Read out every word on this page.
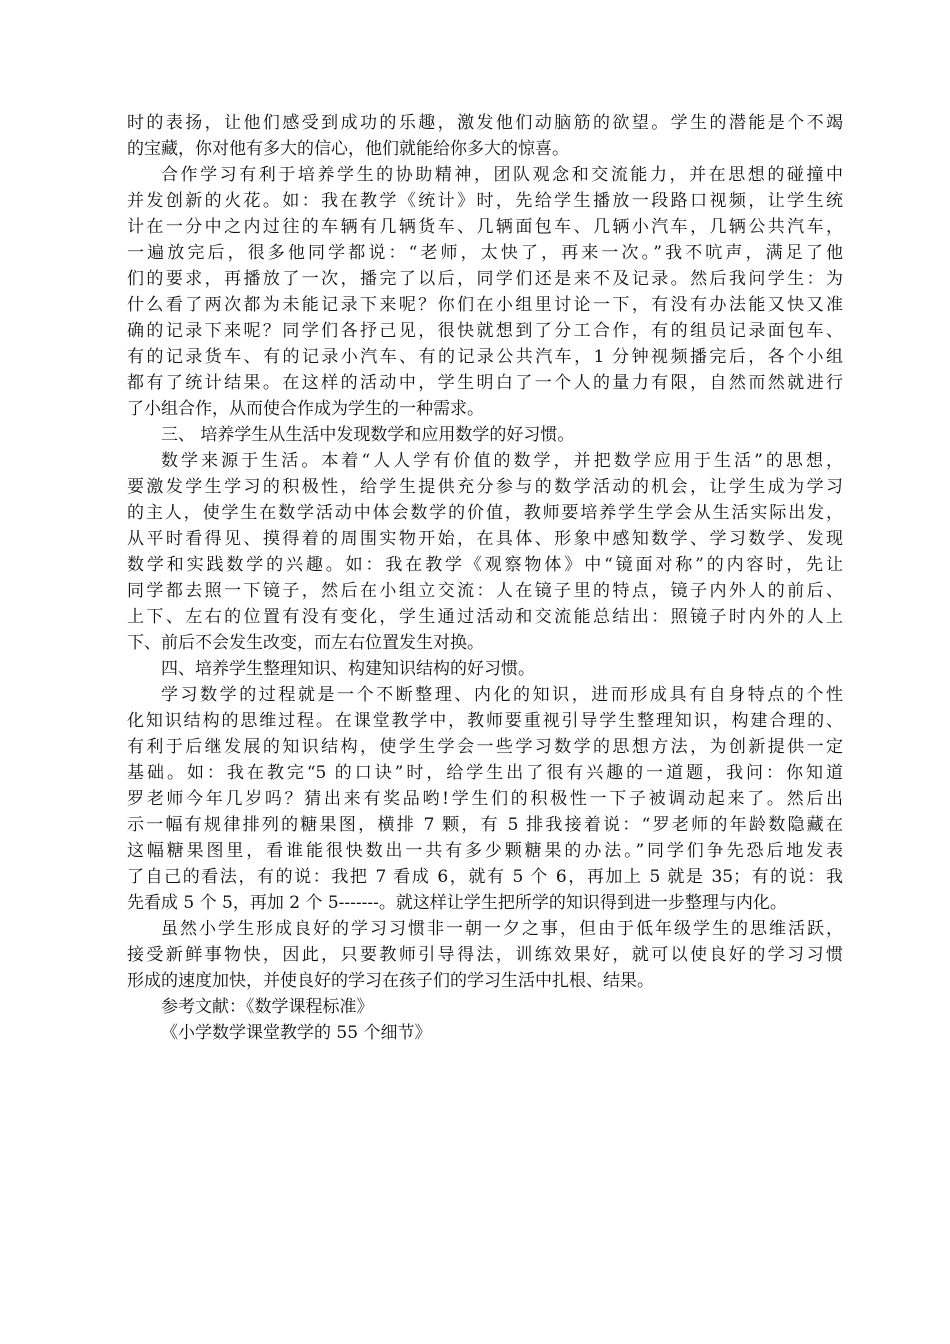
时的表扬，让他们感受到成功的乐趣，激发他们动脑筋的欲望。学生的潜能是个不竭
的宝藏，你对他有多大的信心，他们就能给你多大的惊喜。
合作学习有利于培养学生的协助精神，团队观念和交流能力，并在思想的碰撞中
并发创新的火花。如：我在教学《统计》时，先给学生播放一段路口视频，让学生统
计在一分中之内过往的车辆有几辆货车、几辆面包车、几辆小汽车，几辆公共汽车，
一遍放完后，很多他同学都说：“老师，太快了，再来一次。”我不吭声，满足了他
们的要求，再播放了一次，播完了以后，同学们还是来不及记录。然后我问学生：为
什么看了两次都为未能记录下来呢？你们在小组里讨论一下，有没有办法能又快又准
确的记录下来呢？同学们各抒己见，很快就想到了分工合作，有的组员记录面包车、
有的记录货车、有的记录小汽车、有的记录公共汽车，1 分钟视频播完后，各个小组
都有了统计结果。在这样的活动中，学生明白了一个人的量力有限，自然而然就进行
了小组合作，从而使合作成为学生的一种需求。
三、 培养学生从生活中发现数学和应用数学的好习惯。
数学来源于生活。本着“人人学有价值的数学，并把数学应用于生活”的思想，
要激发学生学习的积极性，给学生提供充分参与的数学活动的机会，让学生成为学习
的主人，使学生在数学活动中体会数学的价值，教师要培养学生学会从生活实际出发，
从平时看得见、摸得着的周围实物开始，在具体、形象中感知数学、学习数学、发现
数学和实践数学的兴趣。如：我在教学《观察物体》中“镜面对称”的内容时，先让
同学都去照一下镜子，然后在小组立交流：人在镜子里的特点，镜子内外人的前后、
上下、左右的位置有没有变化，学生通过活动和交流能总结出：照镜子时内外的人上
下、前后不会发生改变，而左右位置发生对换。
四、培养学生整理知识、构建知识结构的好习惯。
学习数学的过程就是一个不断整理、内化的知识，进而形成具有自身特点的个性
化知识结构的思维过程。在课堂教学中，教师要重视引导学生整理知识，构建合理的、
有利于后继发展的知识结构，使学生学会一些学习数学的思想方法，为创新提供一定
基础。如：我在教完“5 的口诀”时，给学生出了很有兴趣的一道题，我问：你知道
罗老师今年几岁吗？猜出来有奖品哟!学生们的积极性一下子被调动起来了。然后出
示一幅有规律排列的糖果图，横排 7 颗，有 5 排我接着说：“罗老师的年龄数隐藏在
这幅糖果图里，看谁能很快数出一共有多少颗糖果的办法。”同学们争先恐后地发表
了自己的看法，有的说：我把 7 看成 6，就有 5 个 6，再加上 5 就是 35；有的说：我
先看成 5 个 5，再加 2 个 5-------。就这样让学生把所学的知识得到进一步整理与内化。
虽然小学生形成良好的学习习惯非一朝一夕之事，但由于低年级学生的思维活跃，
接受新鲜事物快，因此，只要教师引导得法，训练效果好，就可以使良好的学习习惯
形成的速度加快，并使良好的学习在孩子们的学习生活中扎根、结果。
参考文献：《数学课程标准》
《小学数学课堂教学的 55 个细节》
